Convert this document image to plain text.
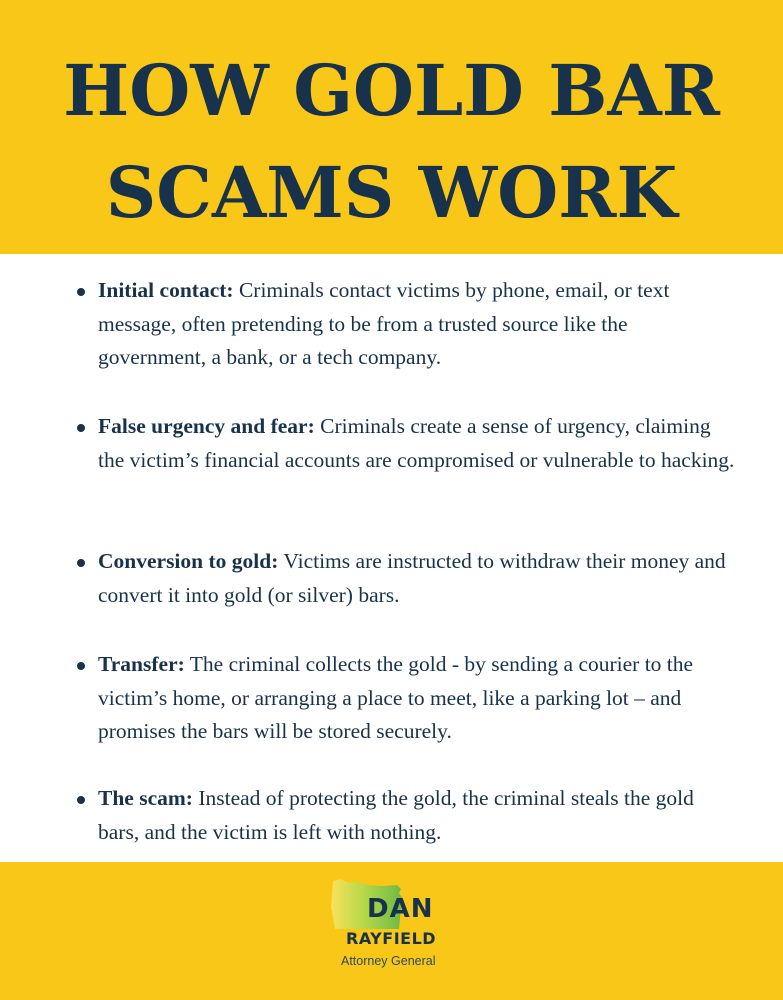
HOW GOLD BAR
SCAMS WORK
Initial contact: Criminals contact victims by phone, email, or text message, often pretending to be from a trusted source like the government, a bank, or a tech company.
False urgency and fear: Criminals create a sense of urgency, claiming the victim’s financial accounts are compromised or vulnerable to hacking.
Conversion to gold: Victims are instructed to withdraw their money and convert it into gold (or silver) bars.
Transfer: The criminal collects the gold - by sending a courier to the victim’s home, or arranging a place to meet, like a parking lot – and promises the bars will be stored securely.
The scam: Instead of protecting the gold, the criminal steals the gold bars, and the victim is left with nothing.
DAN
RAYFIELD
Attorney General
